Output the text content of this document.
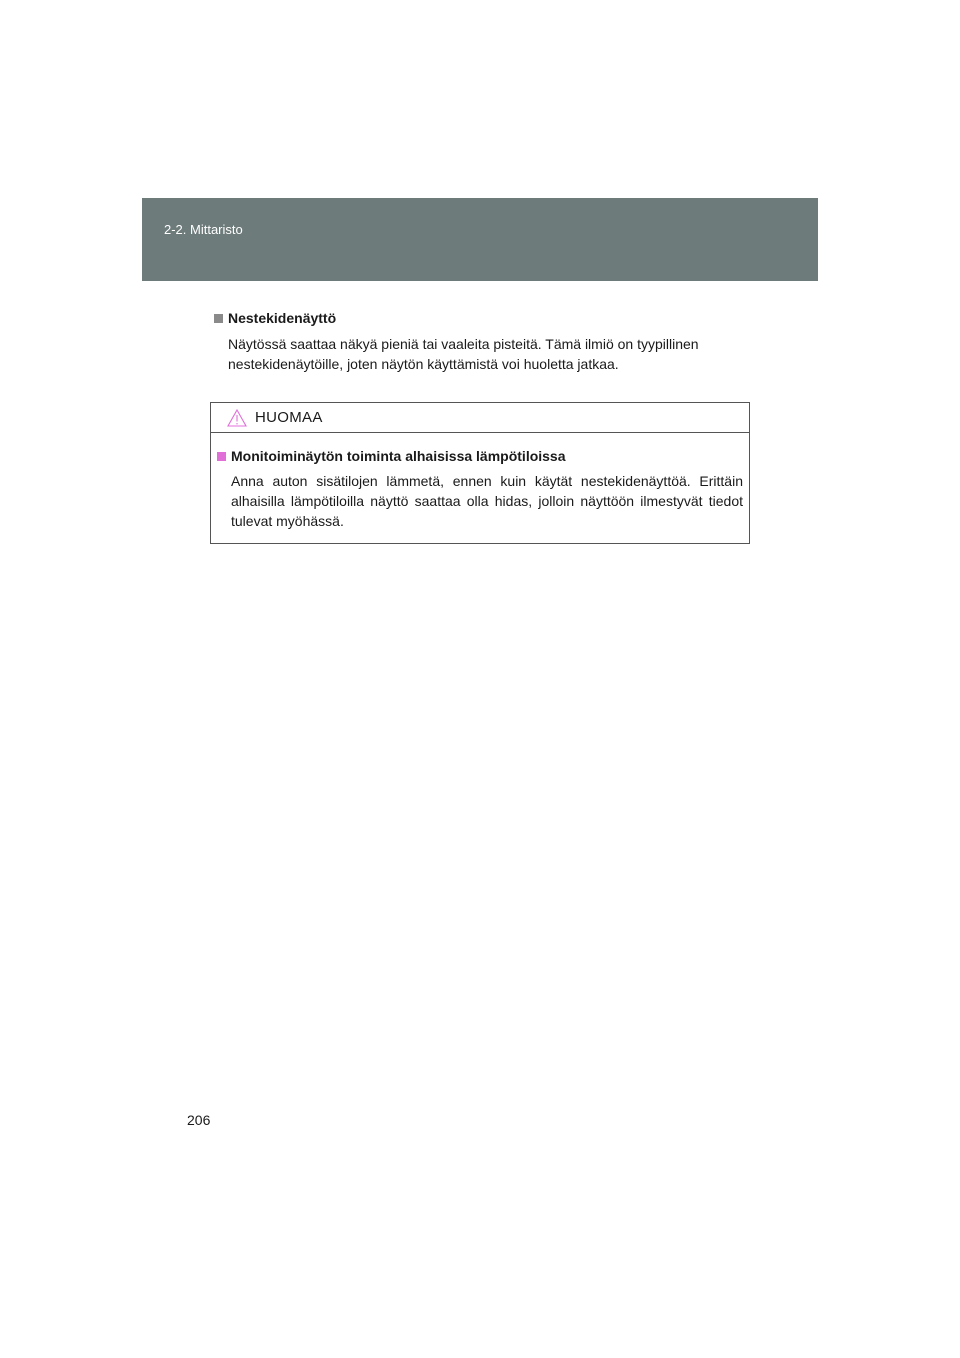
2-2. Mittaristo
Nestekidenäyttö
Näytössä saattaa näkyä pieniä tai vaaleita pisteitä. Tämä ilmiö on tyypillinen nestekidenäytöille, joten näytön käyttämistä voi huoletta jatkaa.
HUOMAA
Monitoiminäytön toiminta alhaisissa lämpötiloissa
Anna auton sisätilojen lämmetä, ennen kuin käytät nestekidenäyttöä. Erittäin alhaisilla lämpötiloilla näyttö saattaa olla hidas, jolloin näyttöön ilmestyvät tiedot tulevat myöhässä.
206
